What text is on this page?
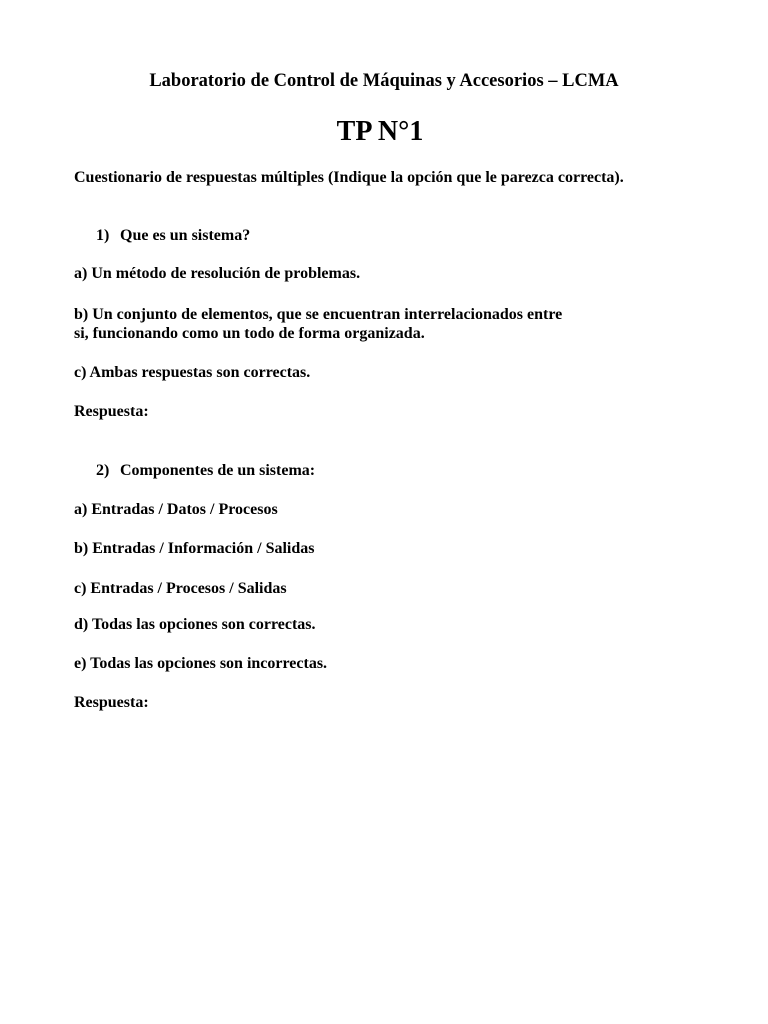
Laboratorio de Control de Máquinas y Accesorios – LCMA
TP N°1
Cuestionario de respuestas múltiples (Indique la opción que le parezca correcta).
1) Que es un sistema?
a) Un método de resolución de problemas.
b) Un conjunto de elementos, que se encuentran interrelacionados entre
si, funcionando como un todo de forma organizada.
c) Ambas respuestas son correctas.
Respuesta:
2) Componentes de un sistema:
a) Entradas / Datos / Procesos
b) Entradas / Información / Salidas
c) Entradas / Procesos / Salidas
d) Todas las opciones son correctas.
e) Todas las opciones son incorrectas.
Respuesta:
